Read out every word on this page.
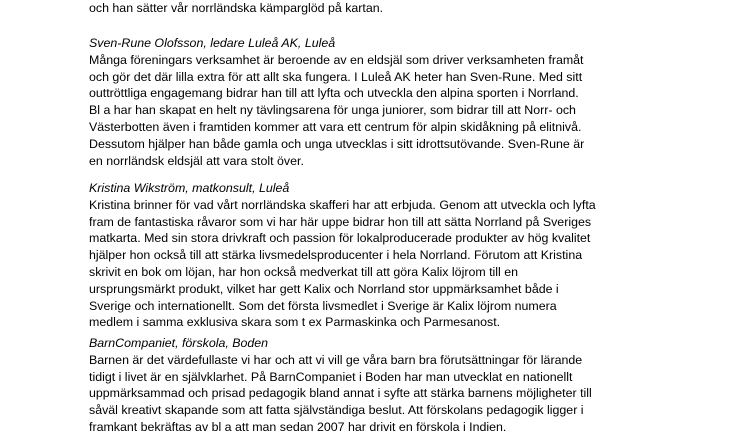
och han sätter vår norrländska kämparglöd på kartan.
Sven-Rune Olofsson, ledare Luleå AK, Luleå
Många föreningars verksamhet är beroende av en eldsjäl som driver verksamheten framåt
och gör det där lilla extra för att allt ska fungera. I Luleå AK heter han Sven-Rune. Med sitt
outtröttliga engagemang bidrar han till att lyfta och utveckla den alpina sporten i Norrland.
Bl a har han skapat en helt ny tävlingsarena för unga juniorer, som bidrar till att Norr- och
Västerbotten även i framtiden kommer att vara ett centrum för alpin skidåkning på elitnivå.
Dessutom hjälper han både gamla och unga utvecklas i sitt idrottsutövande. Sven-Rune är
en norrländsk eldsjäl att vara stolt över.
Kristina Wikström, matkonsult, Luleå
Kristina brinner för vad vårt norrländska skafferi har att erbjuda. Genom att utveckla och lyfta
fram de fantastiska råvaror som vi har här uppe bidrar hon till att sätta Norrland på Sveriges
matkarta. Med sin stora drivkraft och passion för lokalproducerade produkter av hög kvalitet
hjälper hon också till att stärka livsmedelsproducenter i hela Norrland. Förutom att Kristina
skrivit en bok om löjan, har hon också medverkat till att göra Kalix löjrom till en
ursprungsmärkt produkt, vilket har gett Kalix och Norrland stor uppmärksamhet både i
Sverige och internationellt. Som det första livsmedlet i Sverige är Kalix löjrom numera
medlem i samma exklusiva skara som t ex Parmaskinka och Parmesanost.
BarnCompaniet, förskola, Boden
Barnen är det värdefullaste vi har och att vi vill ge våra barn bra förutsättningar för lärande
tidigt i livet är en självklarhet. På BarnCompaniet i Boden har man utvecklat en nationellt
uppmärksammad och prisad pedagogik bland annat i syfte att stärka barnens möjligheter till
såväl kreativt skapande som att fatta självständiga beslut. Att förskolans pedagogik ligger i
framkant bekräftas av bl a att man sedan 2007 har drivit en förskola i Indien.
